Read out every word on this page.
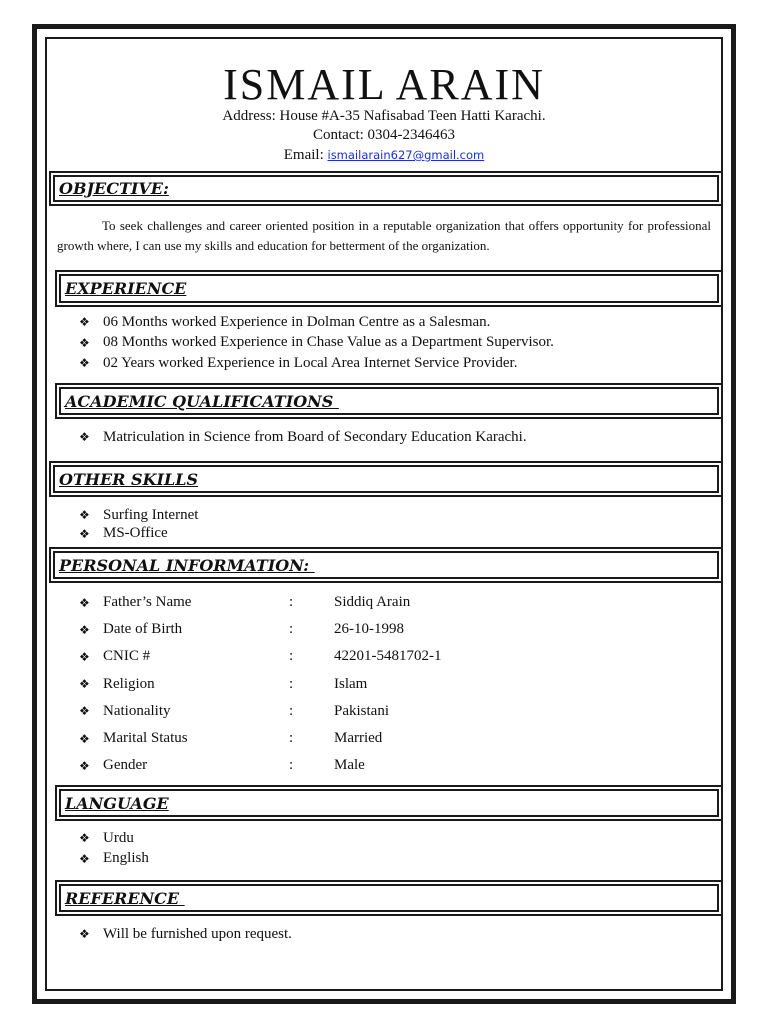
ISMAIL ARAIN
Address: House #A-35 Nafisabad Teen Hatti Karachi.
Contact: 0304-2346463
Email: ismailarain627@gmail.com
OBJECTIVE:
To seek challenges and career oriented position in a reputable organization that offers opportunity for professional growth where, I can use my skills and education for betterment of the organization.
EXPERIENCE
❖ 06 Months worked Experience in Dolman Centre as a Salesman.
❖ 08 Months worked Experience in Chase Value as a Department Supervisor.
❖ 02 Years worked Experience in Local Area Internet Service Provider.
ACADEMIC QUALIFICATIONS
❖ Matriculation in Science from Board of Secondary Education Karachi.
OTHER SKILLS
❖ Surfing Internet
❖ MS-Office
PERSONAL INFORMATION:
❖ Father’s Name	:	Siddiq Arain
❖ Date of Birth	:	26-10-1998
❖ CNIC #	:	42201-5481702-1
❖ Religion	:	Islam
❖ Nationality	:	Pakistani
❖ Marital Status	:	Married
❖ Gender	:	Male
LANGUAGE
❖ Urdu
❖ English
REFERENCE
❖ Will be furnished upon request.
